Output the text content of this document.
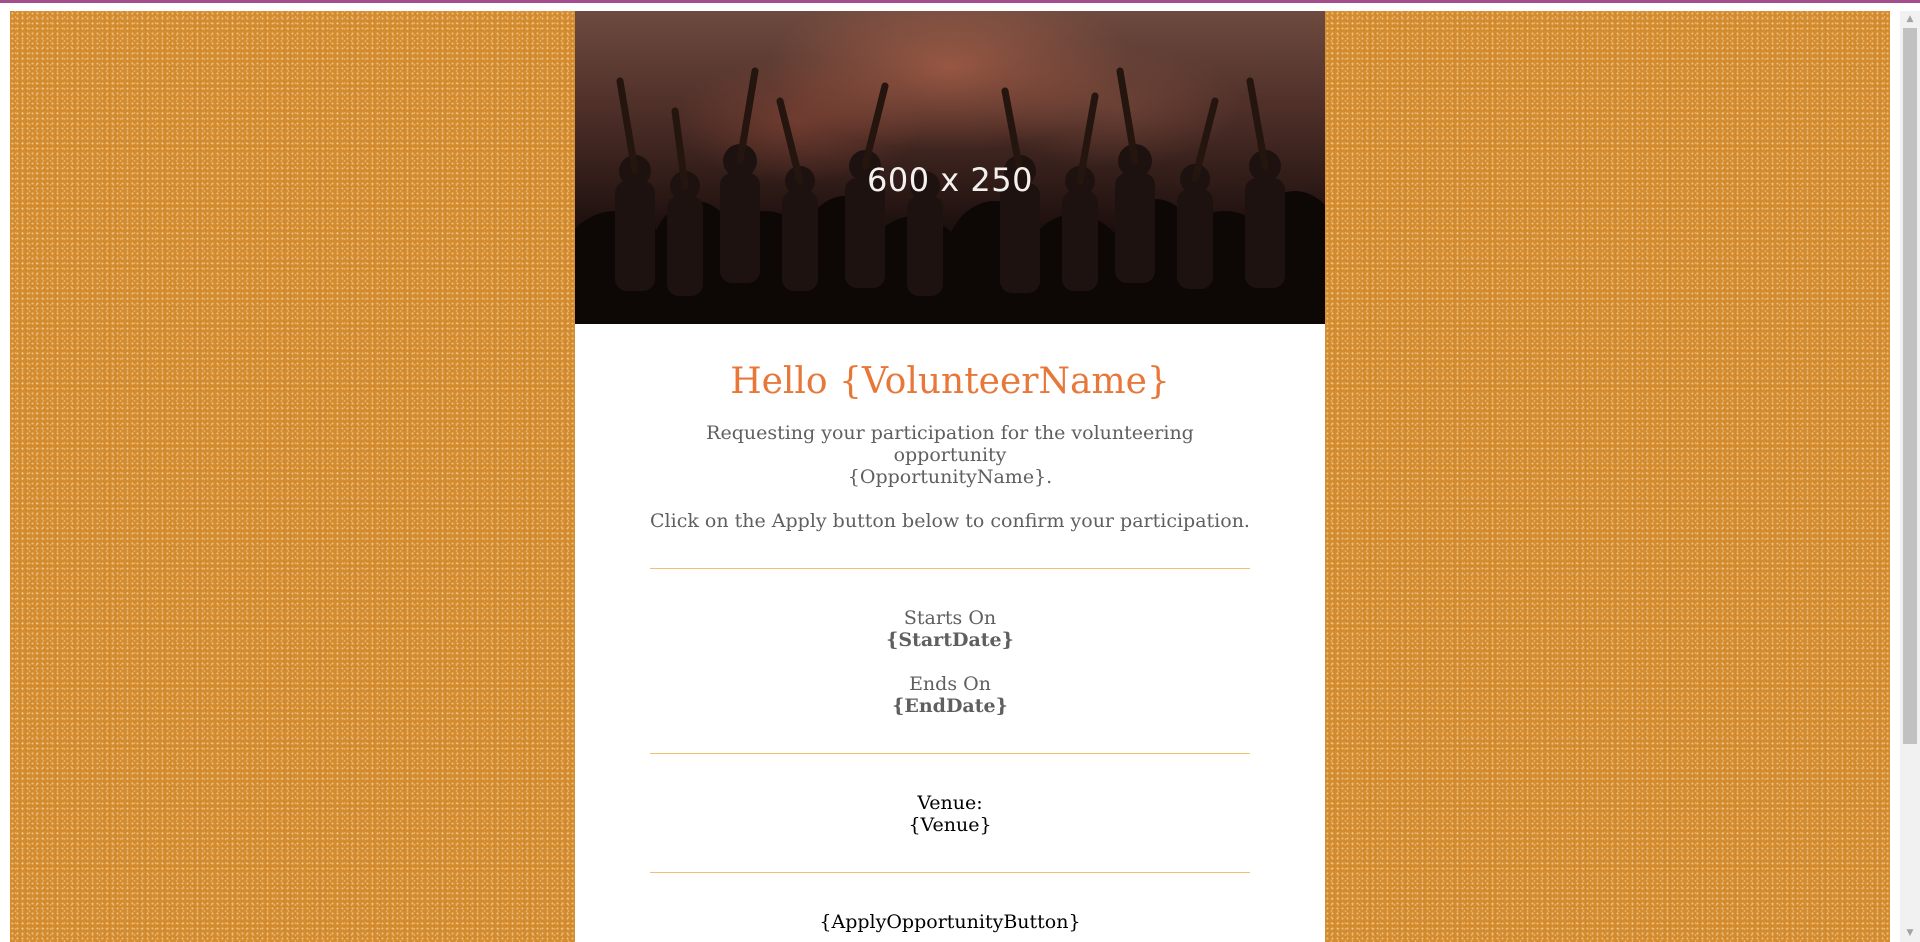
600 x 250
Hello {VolunteerName}
Requesting your participation for the volunteering opportunity
{OpportunityName}.
Click on the Apply button below to confirm your participation.
Starts On
{StartDate}
Ends On
{EndDate}
Venue:
{Venue}
{ApplyOpportunityButton}
▲
▼
